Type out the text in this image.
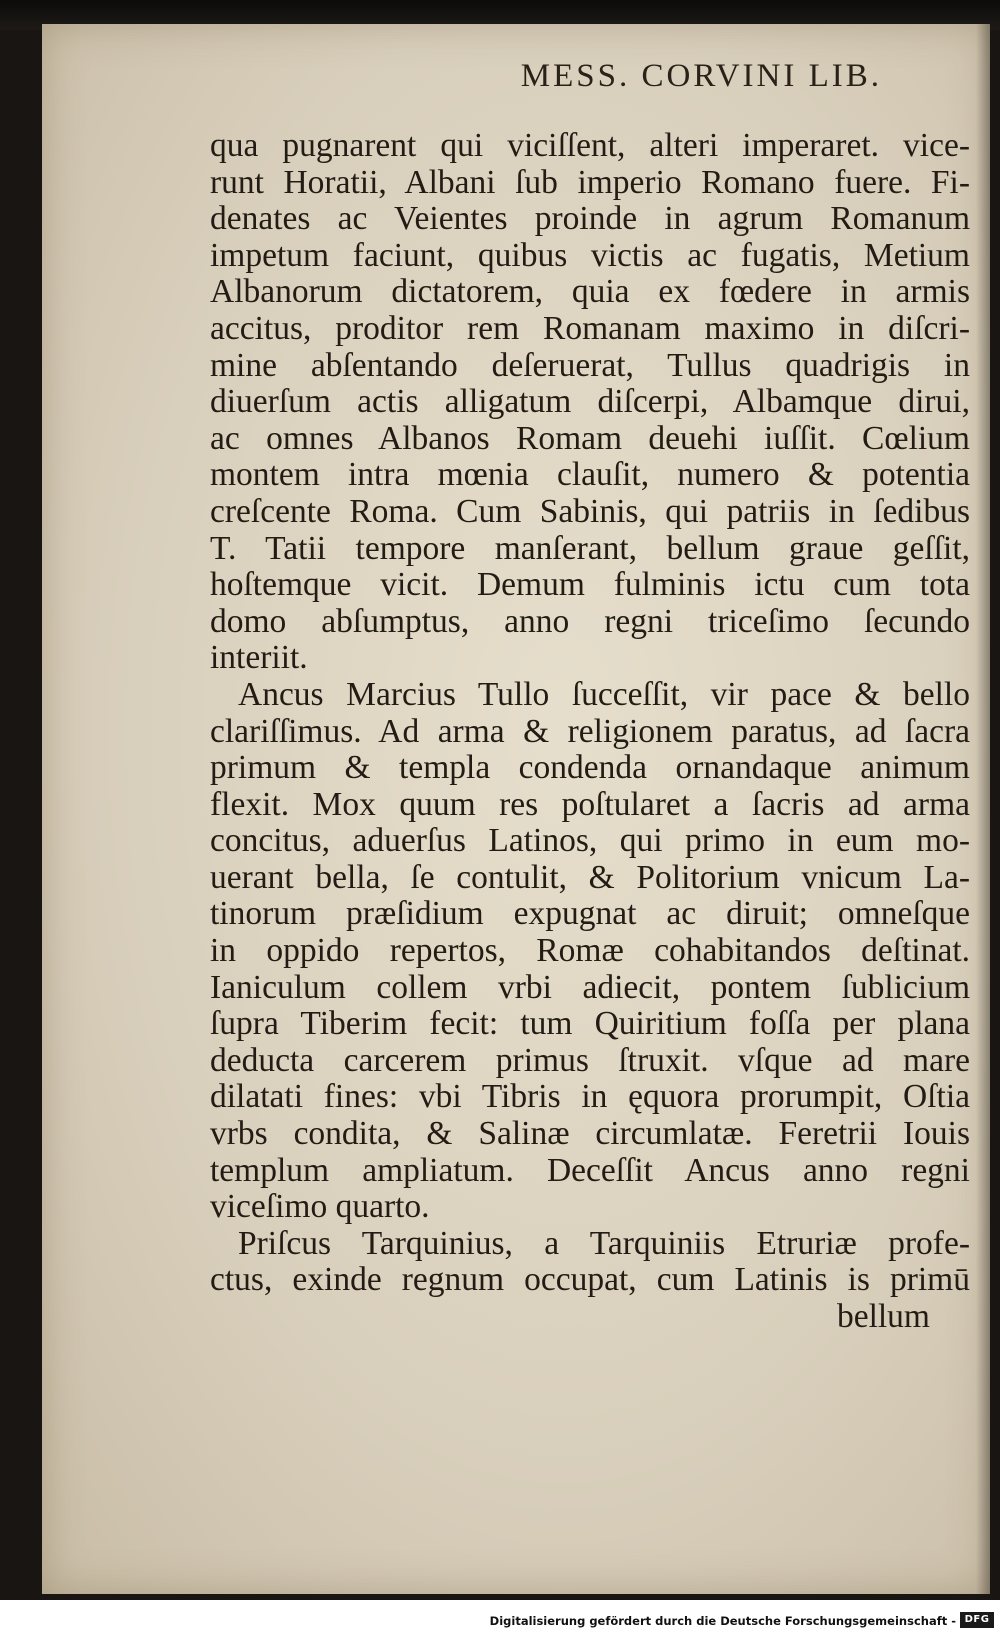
MESS. CORVINI LIB.
qua pugnarent qui viciſſent, alteri imperaret. vice-
runt Horatii, Albani ſub imperio Romano fuere. Fi-
denates ac Veientes proinde in agrum Romanum
impetum faciunt, quibus victis ac fugatis, Metium
Albanorum dictatorem, quia ex fœdere in armis
accitus, proditor rem Romanam maximo in diſcri-
mine abſentando deſeruerat, Tullus quadrigis in
diuerſum actis alligatum diſcerpi, Albamque dirui,
ac omnes Albanos Romam deuehi iuſſit. Cœlium
montem intra mœnia clauſit, numero & potentia
creſcente Roma. Cum Sabinis, qui patriis in ſedibus
T. Tatii tempore manſerant, bellum graue geſſit,
hoſtemque vicit. Demum fulminis ictu cum tota
domo abſumptus, anno regni triceſimo ſecundo
interiit.
Ancus Marcius Tullo ſucceſſit, vir pace & bello
clariſſimus. Ad arma & religionem paratus, ad ſacra
primum & templa condenda ornandaque animum
flexit. Mox quum res poſtularet a ſacris ad arma
concitus, aduerſus Latinos, qui primo in eum mo-
uerant bella, ſe contulit, & Politorium vnicum La-
tinorum præſidium expugnat ac diruit; omneſque
in oppido repertos, Romæ cohabitandos deſtinat.
Ianiculum collem vrbi adiecit, pontem ſublicium
ſupra Tiberim fecit: tum Quiritium foſſa per plana
deducta carcerem primus ſtruxit. vſque ad mare
dilatati fines: vbi Tibris in ęquora prorumpit, Oſtia
vrbs condita, & Salinæ circumlatæ. Feretrii Iouis
templum ampliatum. Deceſſit Ancus anno regni
viceſimo quarto.
Priſcus Tarquinius, a Tarquiniis Etruriæ profe-
ctus, exinde regnum occupat, cum Latinis is primū
bellum
Digitalisierung gefördert durch die Deutsche Forschungsgemeinschaft - DFG
